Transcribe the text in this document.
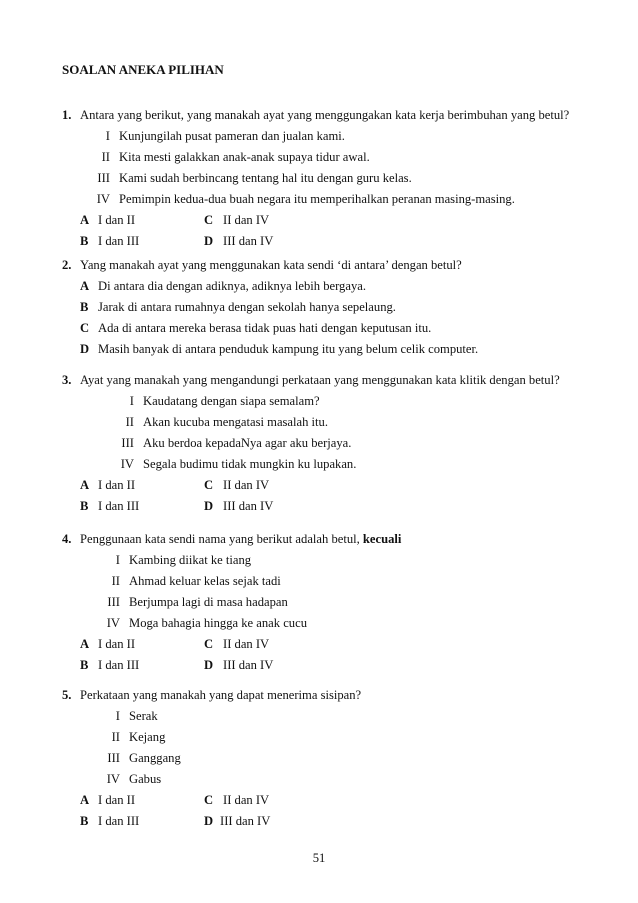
SOALAN ANEKA PILIHAN
1. Antara yang berikut, yang manakah ayat yang menggungakan kata kerja berimbuhan yang betul?
I Kunjungilah pusat pameran dan jualan kami.
II Kita mesti galakkan anak-anak supaya tidur awal.
III Kami sudah berbincang tentang hal itu dengan guru kelas.
IV Pemimpin kedua-dua buah negara itu memperihalkan peranan masing-masing.
A I dan II	C II dan IV
B I dan III	D III dan IV
2. Yang manakah ayat yang menggunakan kata sendi ‘di antara’ dengan betul?
A Di antara dia dengan adiknya, adiknya lebih bergaya.
B Jarak di antara rumahnya dengan sekolah hanya sepelaung.
C Ada di antara mereka berasa tidak puas hati dengan keputusan itu.
D Masih banyak di antara penduduk kampung itu yang belum celik computer.
3. Ayat yang manakah yang mengandungi perkataan yang menggunakan kata klitik dengan betul?
I Kaudatang dengan siapa semalam?
II Akan kucuba mengatasi masalah itu.
III Aku berdoa kepadaNya agar aku berjaya.
IV Segala budimu tidak mungkin ku lupakan.
A I dan II	C II dan IV
B I dan III	D III dan IV
4. Penggunaan kata sendi nama yang berikut adalah betul, kecuali
I Kambing diikat ke tiang
II Ahmad keluar kelas sejak tadi
III Berjumpa lagi di masa hadapan
IV Moga bahagia hingga ke anak cucu
A I dan II	C II dan IV
B I dan III	D III dan IV
5. Perkataan yang manakah yang dapat menerima sisipan?
I Serak
II Kejang
III Ganggang
IV Gabus
A I dan II	C II dan IV
B I dan III	D III dan IV
51
